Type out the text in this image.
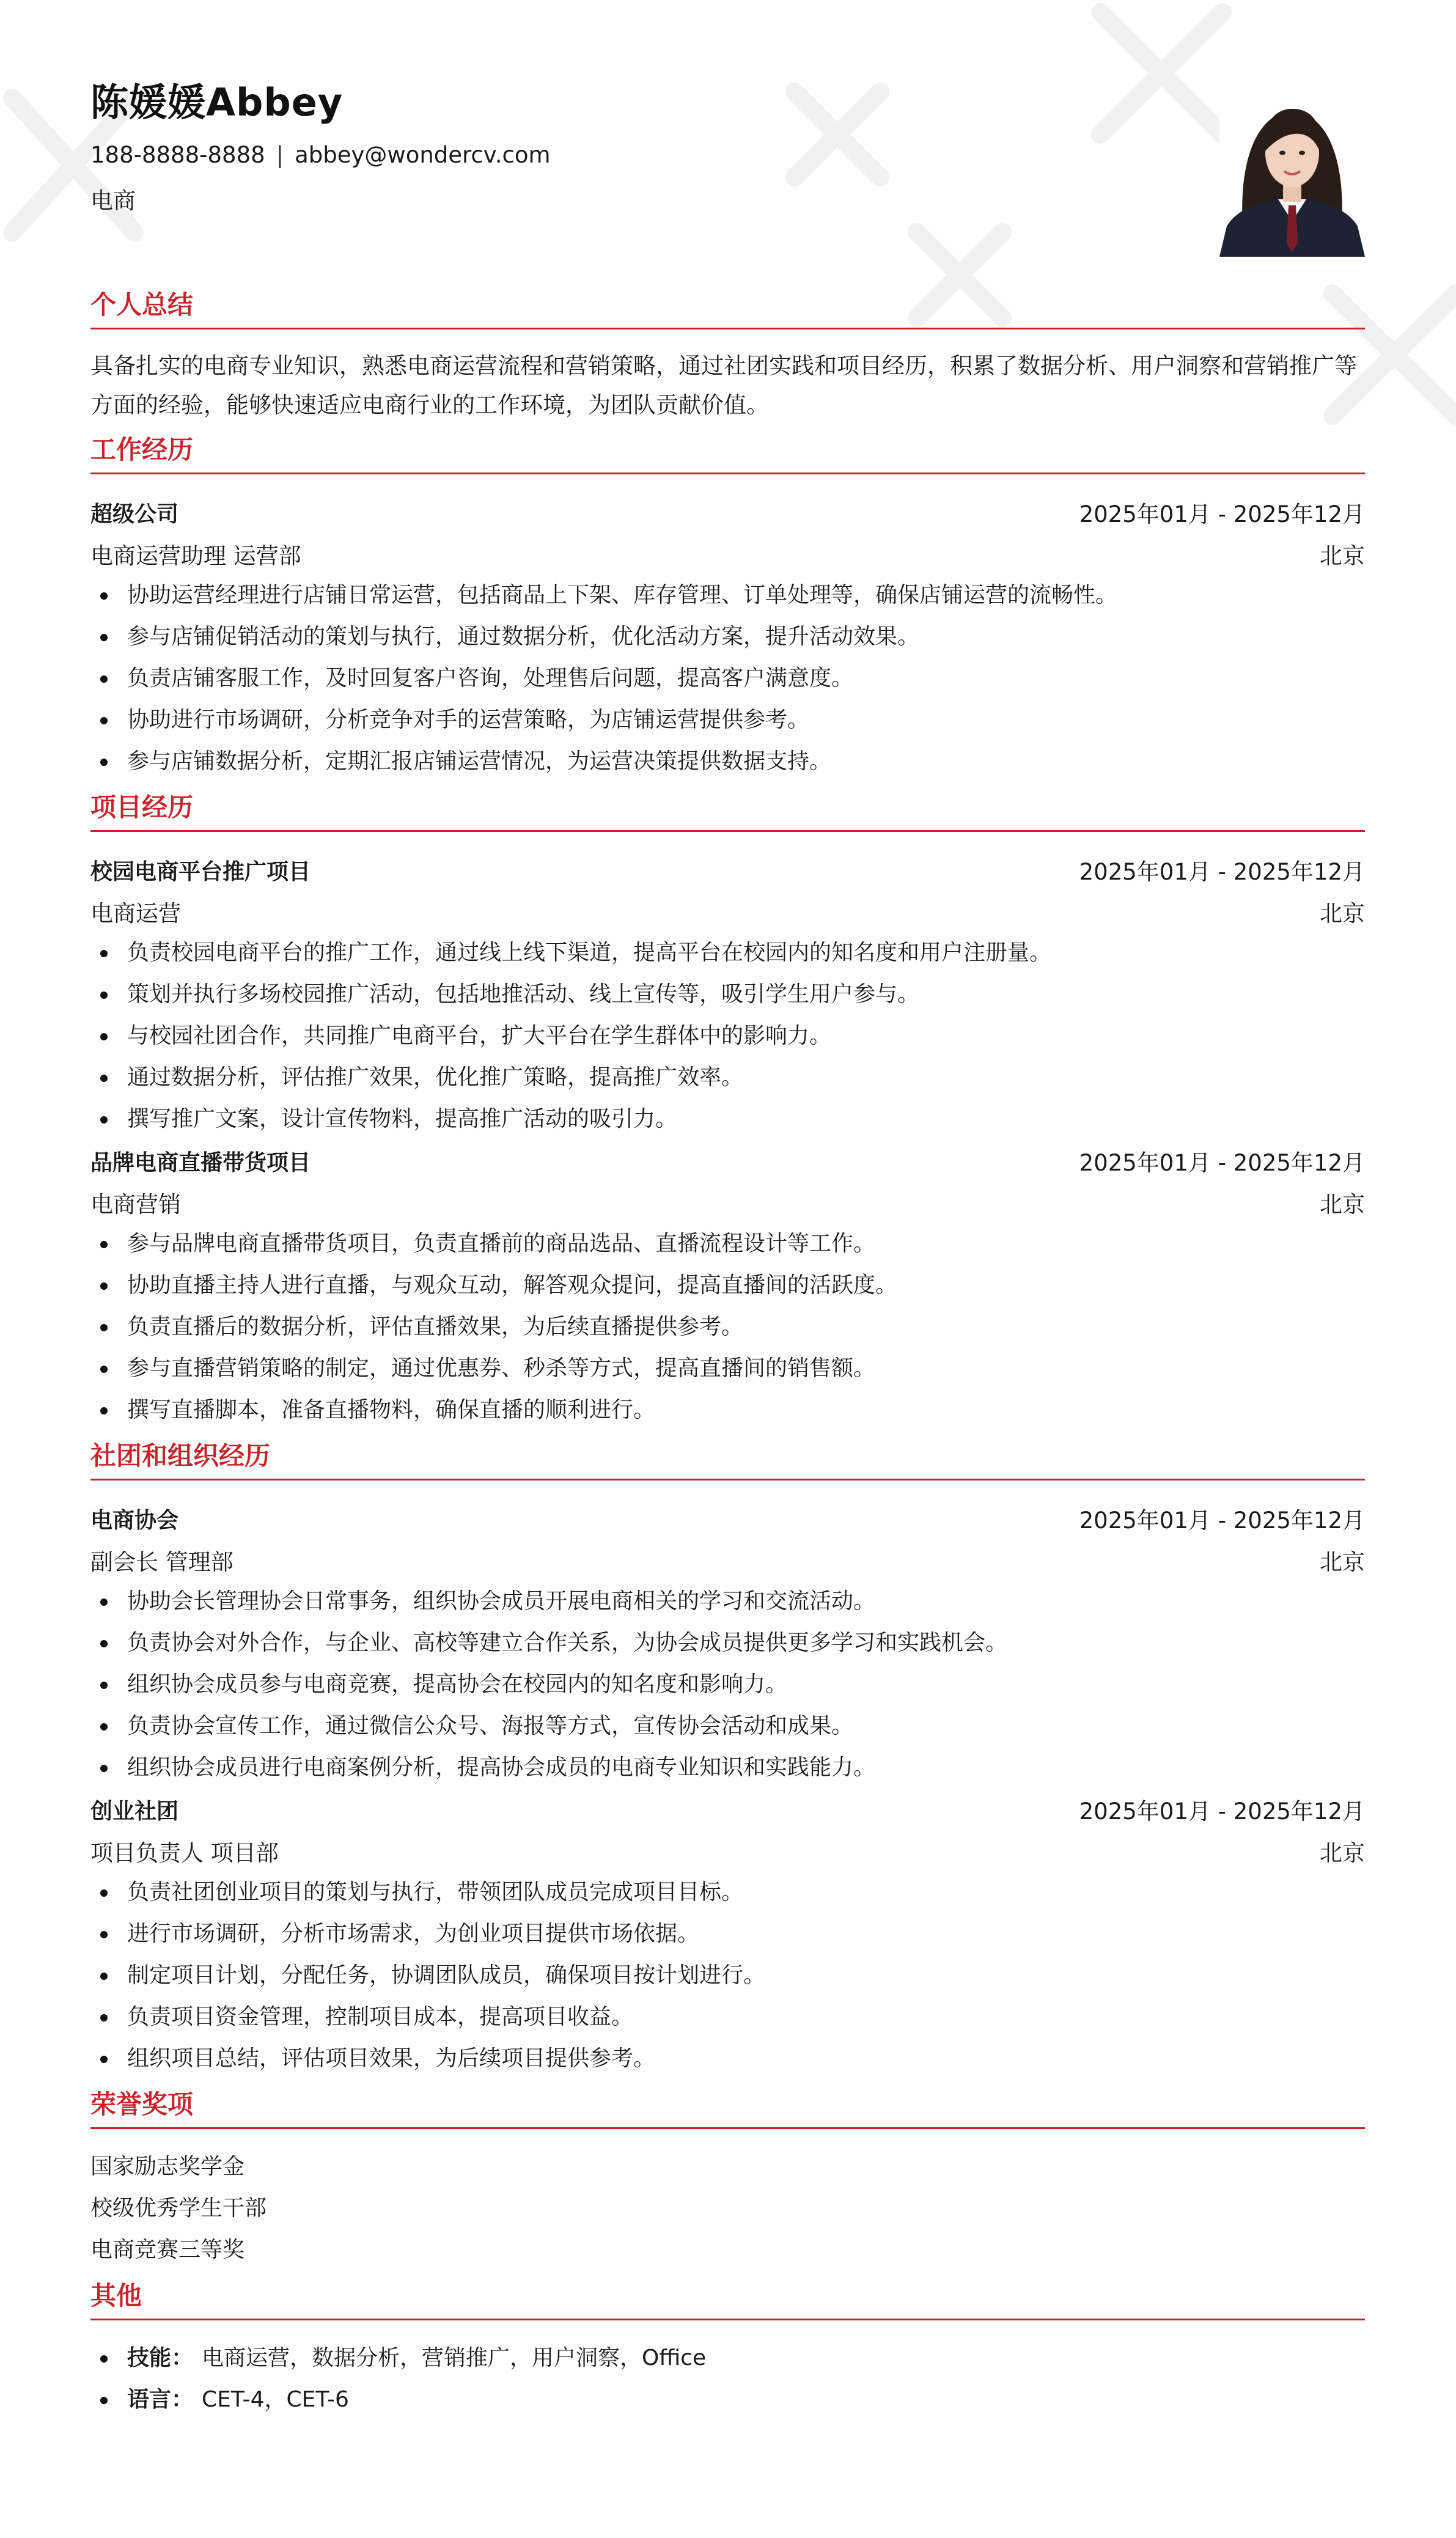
陈媛媛Abbey
188-8888-8888 | abbey@wondercv.com
电商
个人总结
具备扎实的电商专业知识，熟悉电商运营流程和营销策略，通过社团实践和项目经历，积累了数据分析、用户洞察和营销推广等方面的经验，能够快速适应电商行业的工作环境，为团队贡献价值。
工作经历
超级公司	2025年01月 - 2025年12月
电商运营助理 运营部	北京
协助运营经理进行店铺日常运营，包括商品上下架、库存管理、订单处理等，确保店铺运营的流畅性。
参与店铺促销活动的策划与执行，通过数据分析，优化活动方案，提升活动效果。
负责店铺客服工作，及时回复客户咨询，处理售后问题，提高客户满意度。
协助进行市场调研，分析竞争对手的运营策略，为店铺运营提供参考。
参与店铺数据分析，定期汇报店铺运营情况，为运营决策提供数据支持。
项目经历
校园电商平台推广项目	2025年01月 - 2025年12月
电商运营	北京
负责校园电商平台的推广工作，通过线上线下渠道，提高平台在校园内的知名度和用户注册量。
策划并执行多场校园推广活动，包括地推活动、线上宣传等，吸引学生用户参与。
与校园社团合作，共同推广电商平台，扩大平台在学生群体中的影响力。
通过数据分析，评估推广效果，优化推广策略，提高推广效率。
撰写推广文案，设计宣传物料，提高推广活动的吸引力。
品牌电商直播带货项目	2025年01月 - 2025年12月
电商营销	北京
参与品牌电商直播带货项目，负责直播前的商品选品、直播流程设计等工作。
协助直播主持人进行直播，与观众互动，解答观众提问，提高直播间的活跃度。
负责直播后的数据分析，评估直播效果，为后续直播提供参考。
参与直播营销策略的制定，通过优惠券、秒杀等方式，提高直播间的销售额。
撰写直播脚本，准备直播物料，确保直播的顺利进行。
社团和组织经历
电商协会	2025年01月 - 2025年12月
副会长 管理部	北京
协助会长管理协会日常事务，组织协会成员开展电商相关的学习和交流活动。
负责协会对外合作，与企业、高校等建立合作关系，为协会成员提供更多学习和实践机会。
组织协会成员参与电商竞赛，提高协会在校园内的知名度和影响力。
负责协会宣传工作，通过微信公众号、海报等方式，宣传协会活动和成果。
组织协会成员进行电商案例分析，提高协会成员的电商专业知识和实践能力。
创业社团	2025年01月 - 2025年12月
项目负责人 项目部	北京
负责社团创业项目的策划与执行，带领团队成员完成项目目标。
进行市场调研，分析市场需求，为创业项目提供市场依据。
制定项目计划，分配任务，协调团队成员，确保项目按计划进行。
负责项目资金管理，控制项目成本，提高项目收益。
组织项目总结，评估项目效果，为后续项目提供参考。
荣誉奖项
国家励志奖学金
校级优秀学生干部
电商竞赛三等奖
其他
技能： 电商运营，数据分析，营销推广，用户洞察，Office
语言： CET-4，CET-6
